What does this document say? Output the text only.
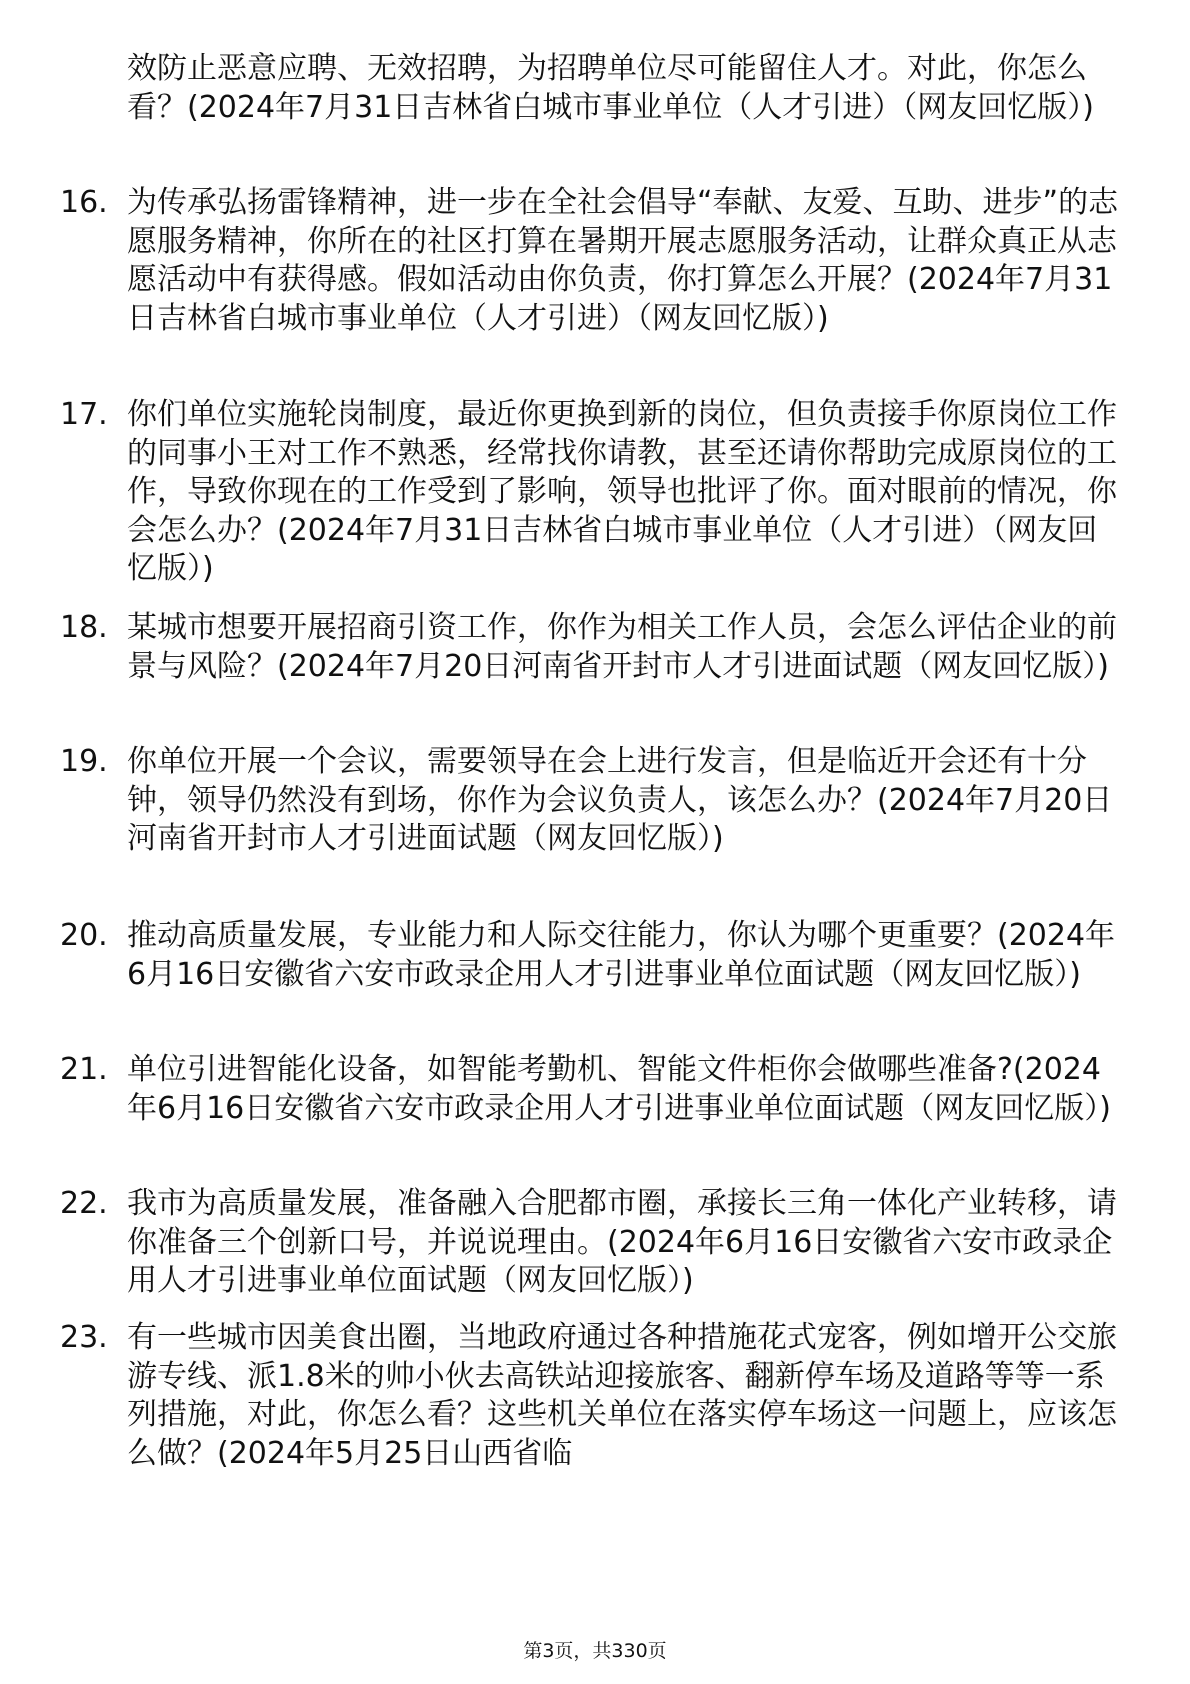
效防止恶意应聘、无效招聘，为招聘单位尽可能留住人才。对此，你怎么看？(2024年7月31日吉林省白城市事业单位（人才引进）（网友回忆版）)

16. 为传承弘扬雷锋精神，进一步在全社会倡导“奉献、友爱、互助、进步”的志愿服务精神，你所在的社区打算在暑期开展志愿服务活动，让群众真正从志愿活动中有获得感。假如活动由你负责，你打算怎么开展？(2024年7月31日吉林省白城市事业单位（人才引进）（网友回忆版）)

17. 你们单位实施轮岗制度，最近你更换到新的岗位，但负责接手你原岗位工作的同事小王对工作不熟悉，经常找你请教，甚至还请你帮助完成原岗位的工作，导致你现在的工作受到了影响，领导也批评了你。面对眼前的情况，你会怎么办？(2024年7月31日吉林省白城市事业单位（人才引进）（网友回忆版）)

18. 某城市想要开展招商引资工作，你作为相关工作人员，会怎么评估企业的前景与风险？(2024年7月20日河南省开封市人才引进面试题（网友回忆版）)

19. 你单位开展一个会议，需要领导在会上进行发言，但是临近开会还有十分钟，领导仍然没有到场，你作为会议负责人，该怎么办？(2024年7月20日河南省开封市人才引进面试题（网友回忆版）)

20. 推动高质量发展，专业能力和人际交往能力，你认为哪个更重要？(2024年6月16日安徽省六安市政录企用人才引进事业单位面试题（网友回忆版）)

21. 单位引进智能化设备，如智能考勤机、智能文件柜你会做哪些准备?(2024年6月16日安徽省六安市政录企用人才引进事业单位面试题（网友回忆版）)

22. 我市为高质量发展，准备融入合肥都市圈，承接长三角一体化产业转移，请你准备三个创新口号，并说说理由。(2024年6月16日安徽省六安市政录企用人才引进事业单位面试题（网友回忆版）)

23. 有一些城市因美食出圈，当地政府通过各种措施花式宠客，例如增开公交旅游专线、派1.8米的帅小伙去高铁站迎接旅客、翻新停车场及道路等等一系列措施，对此，你怎么看？这些机关单位在落实停车场这一问题上，应该怎么做？(2024年5月25日山西省临

第3页，共330页
